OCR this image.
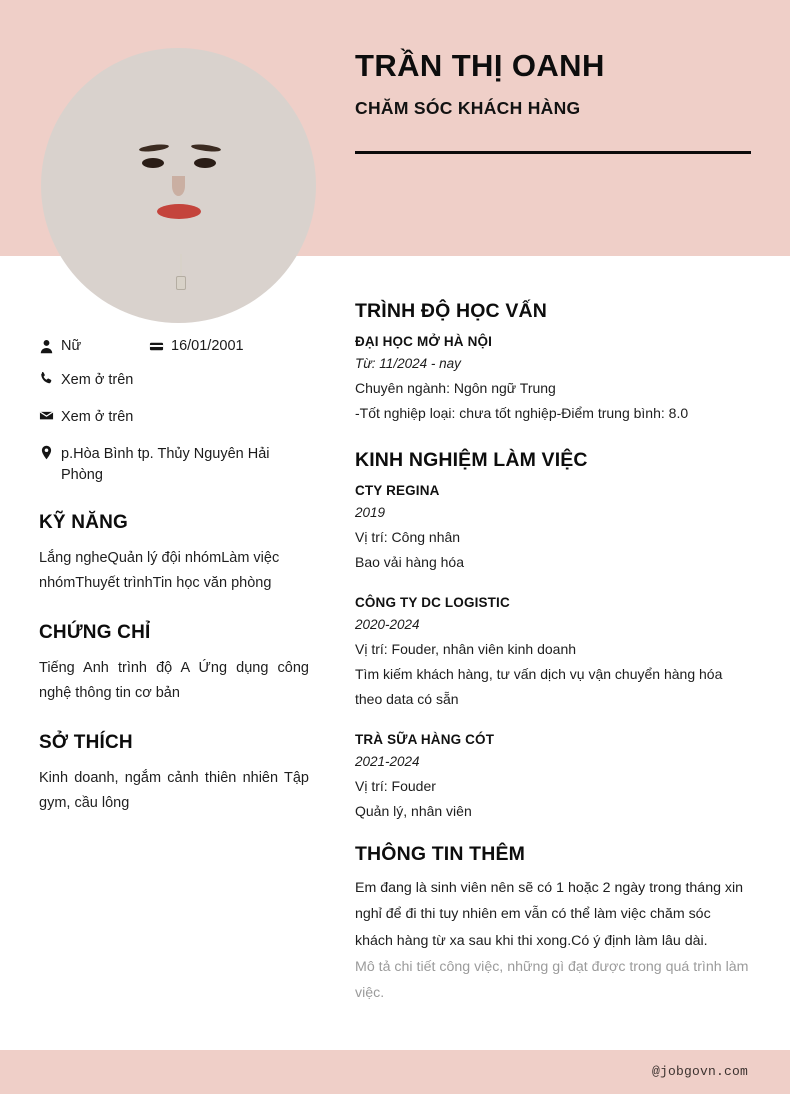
TRẦN THỊ OANH
CHĂM SÓC KHÁCH HÀNG
Nữ	16/01/2001
Xem ở trên
Xem ở trên
p.Hòa Bình tp. Thủy Nguyên Hải Phòng
KỸ NĂNG
Lắng ngheQuản lý đội nhómLàm việc nhómThuyết trìnhTin học văn phòng
CHỨNG CHỈ
Tiếng Anh trình độ A Ứng dụng công nghệ thông tin cơ bản
SỞ THÍCH
Kinh doanh, ngắm cảnh thiên nhiên Tập gym, cầu lông
TRÌNH ĐỘ HỌC VẤN
ĐẠI HỌC MỞ HÀ NỘI
Từ: 11/2024 - nay
Chuyên ngành: Ngôn ngữ Trung
-Tốt nghiệp loại: chưa tốt nghiệp-Điểm trung bình: 8.0
KINH NGHIỆM LÀM VIỆC
CTY REGINA
2019
Vị trí: Công nhân
Bao vải hàng hóa
CÔNG TY DC LOGISTIC
2020-2024
Vị trí: Fouder, nhân viên kinh doanh
Tìm kiếm khách hàng, tư vấn dịch vụ vận chuyển hàng hóa theo data có sẵn
TRÀ SỮA HÀNG CÓT
2021-2024
Vị trí: Fouder
Quản lý, nhân viên
THÔNG TIN THÊM
Em đang là sinh viên nên sẽ có 1 hoặc 2 ngày trong tháng xin nghỉ để đi thi tuy nhiên em vẫn có thể làm việc chăm sóc khách hàng từ xa sau khi thi xong.Có ý định làm lâu dài.
Mô tả chi tiết công việc, những gì đạt được trong quá trình làm việc.
@jobgovn.com
